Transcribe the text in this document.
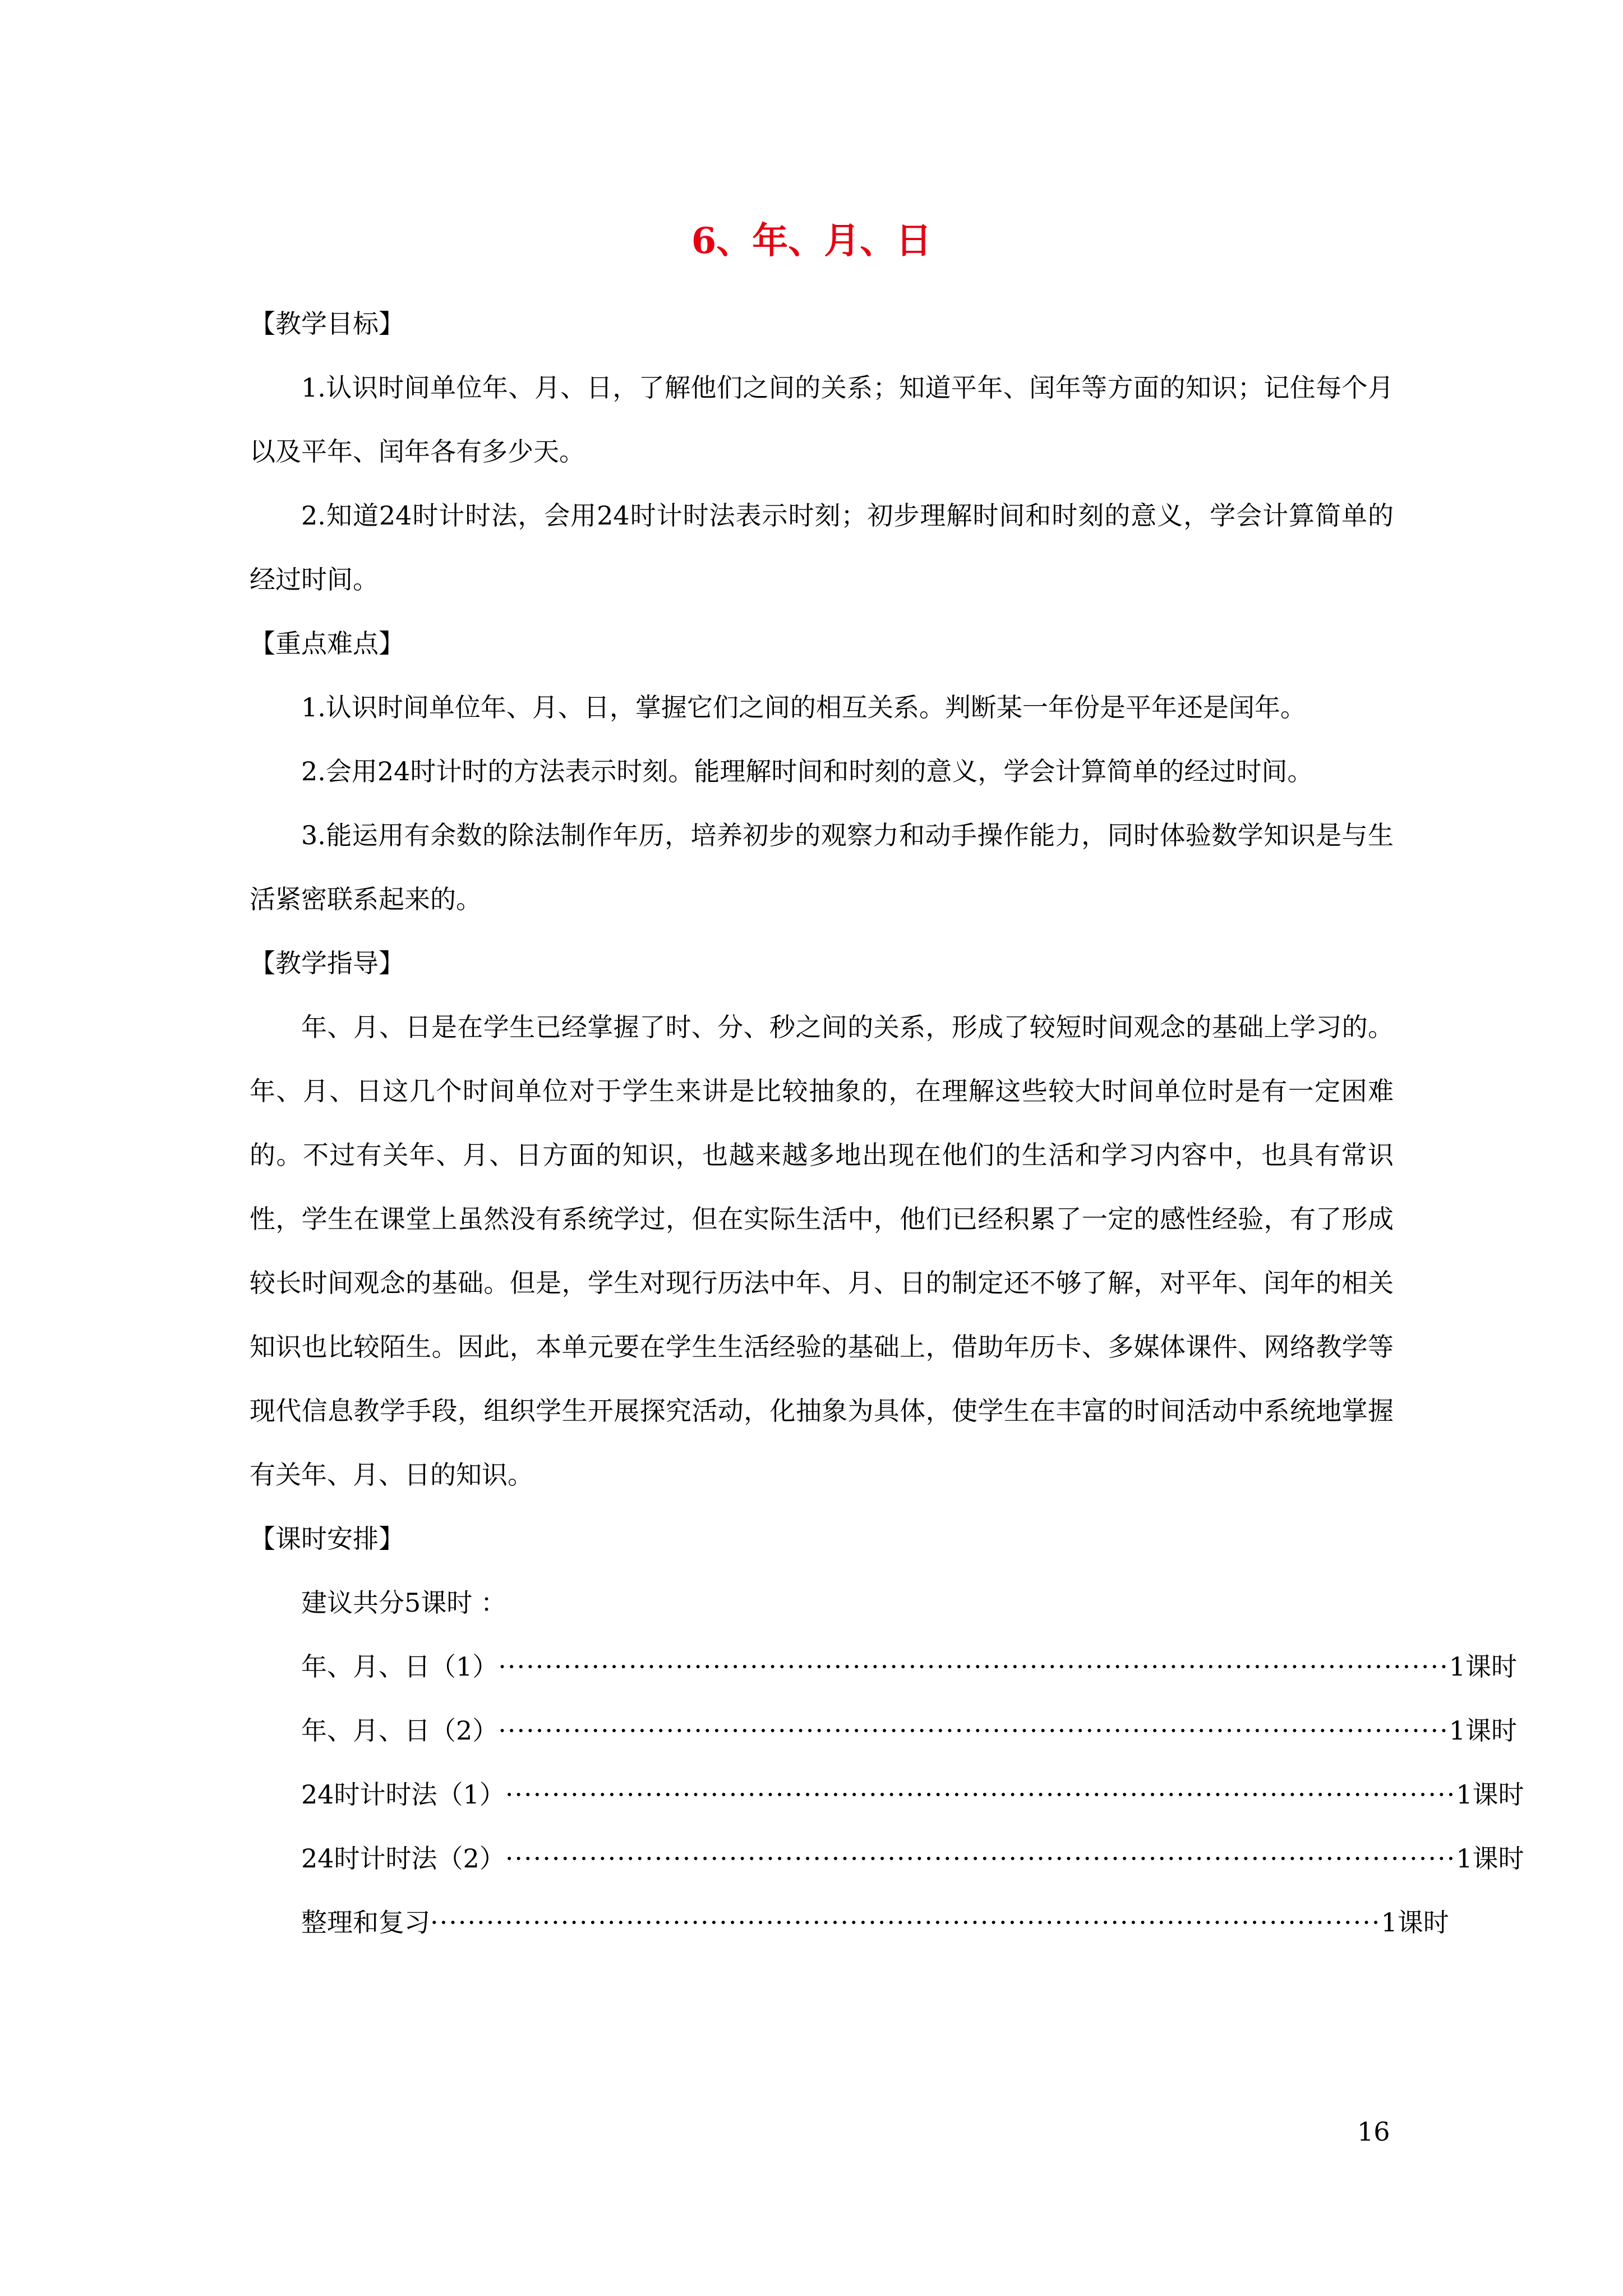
6、年、月、日

【教学目标】

1.认识时间单位年、月、日，了解他们之间的关系；知道平年、闰年等方面的知识；记住每个月以及平年、闰年各有多少天。

2.知道24时计时法，会用24时计时法表示时刻；初步理解时间和时刻的意义，学会计算简单的经过时间。

【重点难点】

1.认识时间单位年、月、日，掌握它们之间的相互关系。判断某一年份是平年还是闰年。

2.会用24时计时的方法表示时刻。能理解时间和时刻的意义，学会计算简单的经过时间。

3.能运用有余数的除法制作年历，培养初步的观察力和动手操作能力，同时体验数学知识是与生活紧密联系起来的。

【教学指导】

年、月、日是在学生已经掌握了时、分、秒之间的关系，形成了较短时间观念的基础上学习的。年、月、日这几个时间单位对于学生来讲是比较抽象的，在理解这些较大时间单位时是有一定困难的。不过有关年、月、日方面的知识，也越来越多地出现在他们的生活和学习内容中，也具有常识性，学生在课堂上虽然没有系统学过，但在实际生活中，他们已经积累了一定的感性经验，有了形成较长时间观念的基础。但是，学生对现行历法中年、月、日的制定还不够了解，对平年、闰年的相关知识也比较陌生。因此，本单元要在学生生活经验的基础上，借助年历卡、多媒体课件、网络教学等现代信息教学手段，组织学生开展探究活动，化抽象为具体，使学生在丰富的时间活动中系统地掌握有关年、月、日的知识。

【课时安排】

建议共分5课时 ：

年、月、日（1） ······································································································ 1课时
年、月、日（2） ······································································································ 1课时
24时计时法（1） ······································································································ 1课时
24时计时法（2） ······································································································ 1课时
整理和复习 ······································································································ 1课时
16
